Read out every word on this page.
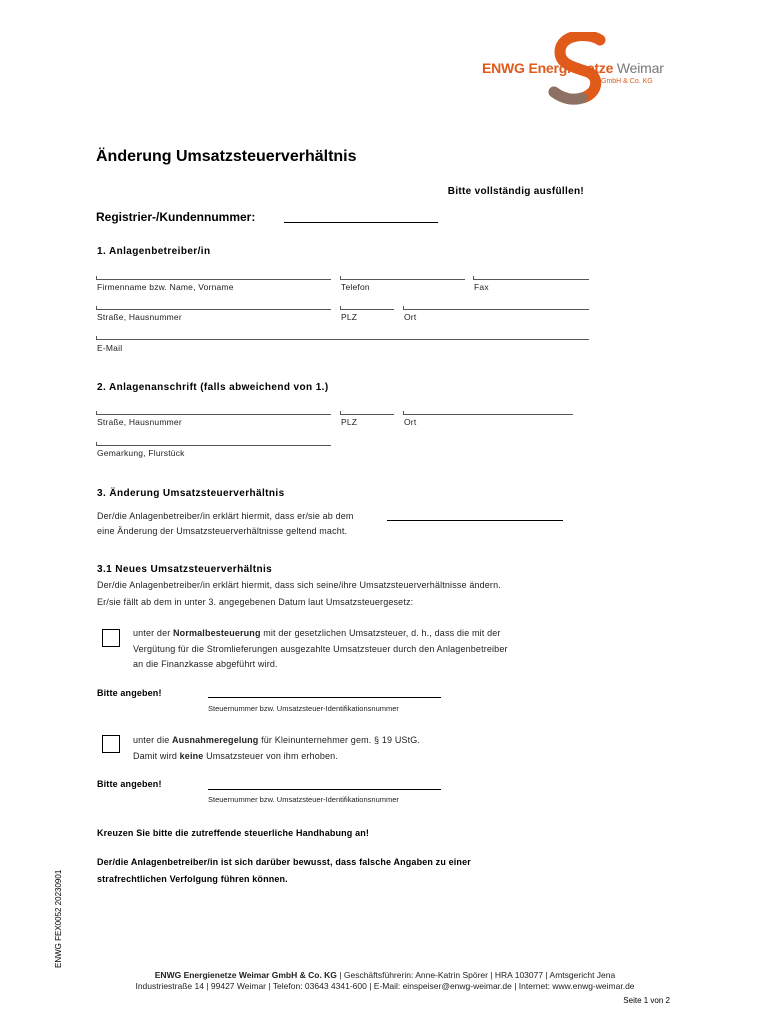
ENWG Energienetze Weimar
GmbH & Co. KG
Änderung Umsatzsteuerverhältnis
Bitte vollständig ausfüllen!
Registrier-/Kundennummer:
1. Anlagenbetreiber/in
Firmenname bzw. Name, Vorname	Telefon	Fax
Straße, Hausnummer	PLZ	Ort
E-Mail
2. Anlagenanschrift (falls abweichend von 1.)
Straße, Hausnummer	PLZ	Ort
Gemarkung, Flurstück
3. Änderung Umsatzsteuerverhältnis
Der/die Anlagenbetreiber/in erklärt hiermit, dass er/sie ab dem
eine Änderung der Umsatzsteuerverhältnisse geltend macht.
3.1 Neues Umsatzsteuerverhältnis
Der/die Anlagenbetreiber/in erklärt hiermit, dass sich seine/ihre Umsatzsteuerverhältnisse ändern.
Er/sie fällt ab dem in unter 3. angegebenen Datum laut Umsatzsteuergesetz:
unter der Normalbesteuerung mit der gesetzlichen Umsatzsteuer, d. h., dass die mit der
Vergütung für die Stromlieferungen ausgezahlte Umsatzsteuer durch den Anlagenbetreiber
an die Finanzkasse abgeführt wird.
Bitte angeben!
Steuernummer bzw. Umsatzsteuer-Identifikationsnummer
unter die Ausnahmeregelung für Kleinunternehmer gem. § 19 UStG.
Damit wird keine Umsatzsteuer von ihm erhoben.
Bitte angeben!
Steuernummer bzw. Umsatzsteuer-Identifikationsnummer
Kreuzen Sie bitte die zutreffende steuerliche Handhabung an!
Der/die Anlagenbetreiber/in ist sich darüber bewusst, dass falsche Angaben zu einer
strafrechtlichen Verfolgung führen können.
ENWG FEX0052 20230901
ENWG Energienetze Weimar GmbH & Co. KG | Geschäftsführerin: Anne-Katrin Spörer | HRA 103077 | Amtsgericht Jena
Industriestraße 14 | 99427 Weimar | Telefon: 03643 4341-600 | E-Mail: einspeiser@enwg-weimar.de | Internet: www.enwg-weimar.de
Seite 1 von 2
